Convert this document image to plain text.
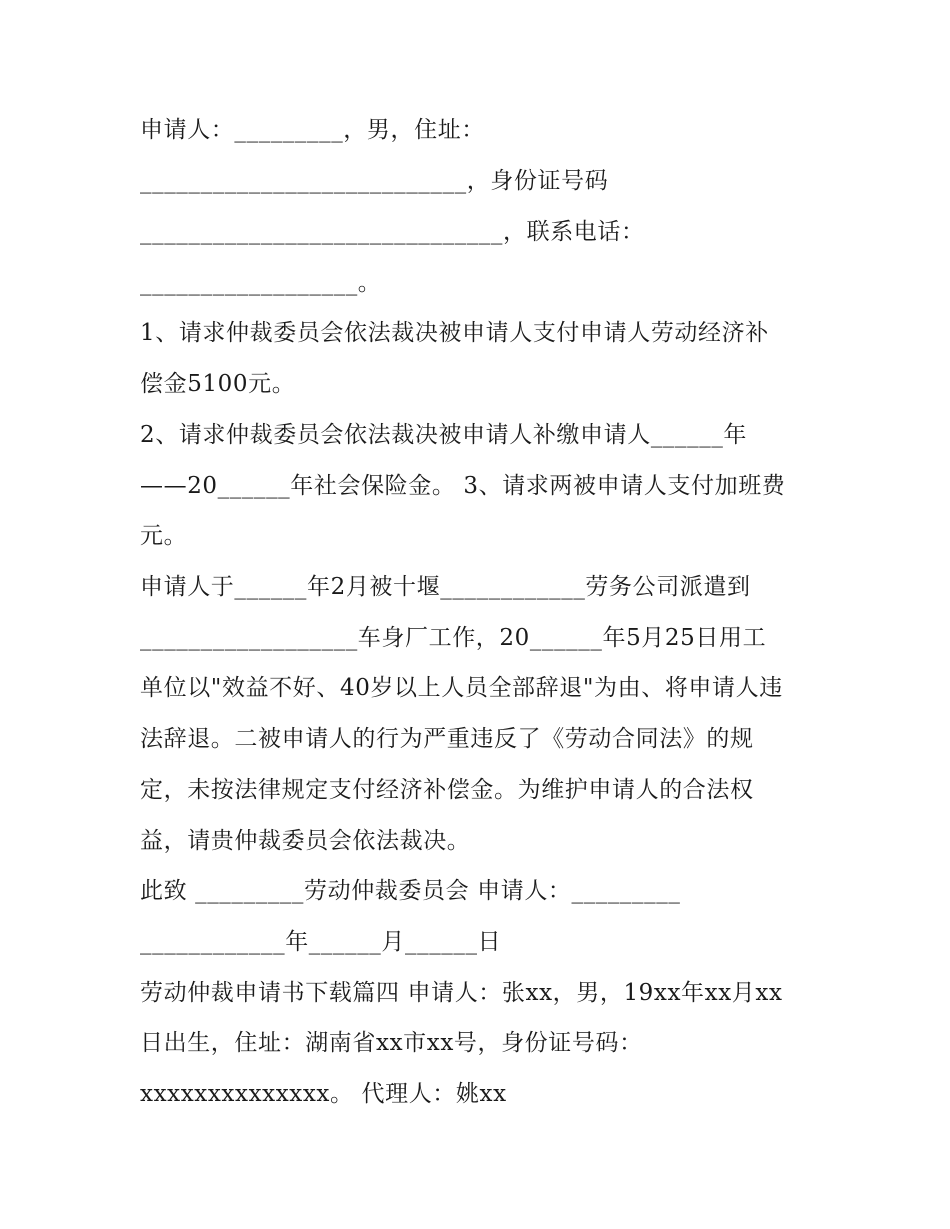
申请人：_________，男，住址：
___________________________，身份证号码
______________________________，联系电话：
__________________。
1、请求仲裁委员会依法裁决被申请人支付申请人劳动经济补
偿金5100元。
2、请求仲裁委员会依法裁决被申请人补缴申请人______年
——20______年社会保险金。 3、请求两被申请人支付加班费
元。
申请人于______年2月被十堰____________劳务公司派遣到
__________________车身厂工作，20______年5月25日用工
单位以"效益不好、40岁以上人员全部辞退"为由、将申请人违
法辞退。二被申请人的行为严重违反了《劳动合同法》的规
定，未按法律规定支付经济补偿金。为维护申请人的合法权
益，请贵仲裁委员会依法裁决。
此致 _________劳动仲裁委员会 申请人：_________
____________年______月______日
劳动仲裁申请书下载篇四 申请人：张xx，男，19xx年xx月xx
日出生，住址：湖南省xx市xx号，身份证号码：
xxxxxxxxxxxxxx。 代理人：姚xx
